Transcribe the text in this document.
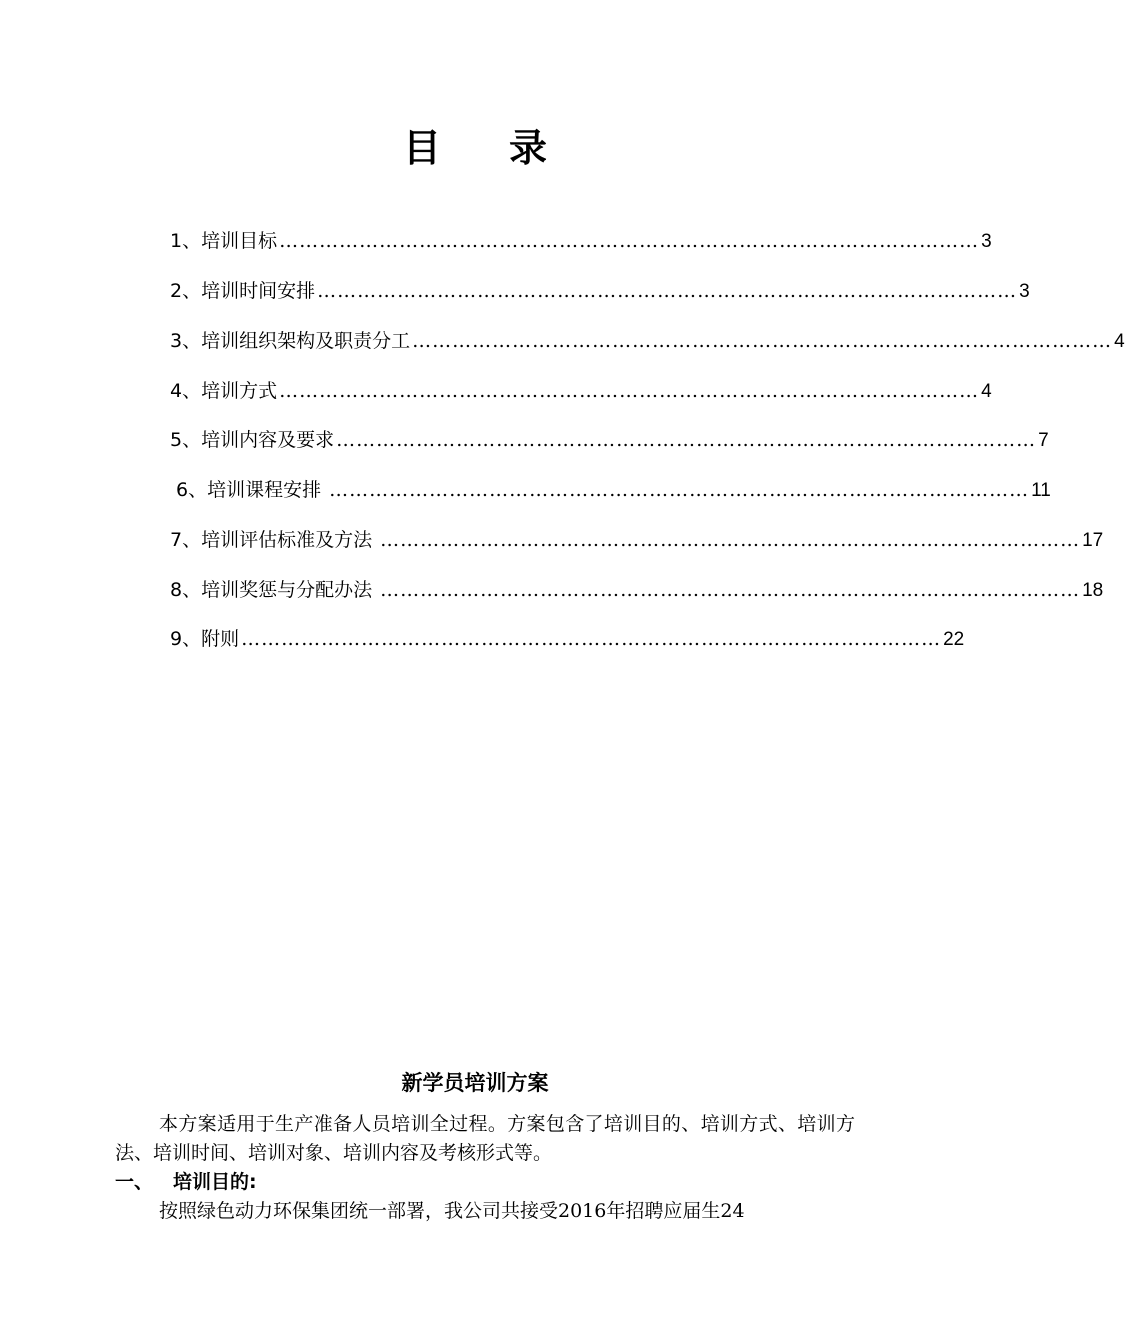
目录
1、 培训目标 …………………………………………………………………………………………… 3
2、 培训时间安排 …………………………………………………………………………………………… 3
3、 培训组织架构及职责分工 …………………………………………………………………………………………… 4
4、 培训方式 …………………………………………………………………………………………… 4
5、 培训内容及要求 …………………………………………………………………………………………… 7
6、 培训课程安排 …………………………………………………………………………………………… 11
7、 培训评估标准及方法 …………………………………………………………………………………………… 17
8、 培训奖惩与分配办法 …………………………………………………………………………………………… 18
9、 附则 …………………………………………………………………………………………… 22
新学员培训方案

本方案适用于生产准备人员培训全过程。方案包含了培训目的、培训方式、培训方法、培训时间、培训对象、培训内容及考核形式等。

一、 培训目的:

按照绿色动力环保集团统一部署，我公司共接受2016年招聘应届生24
